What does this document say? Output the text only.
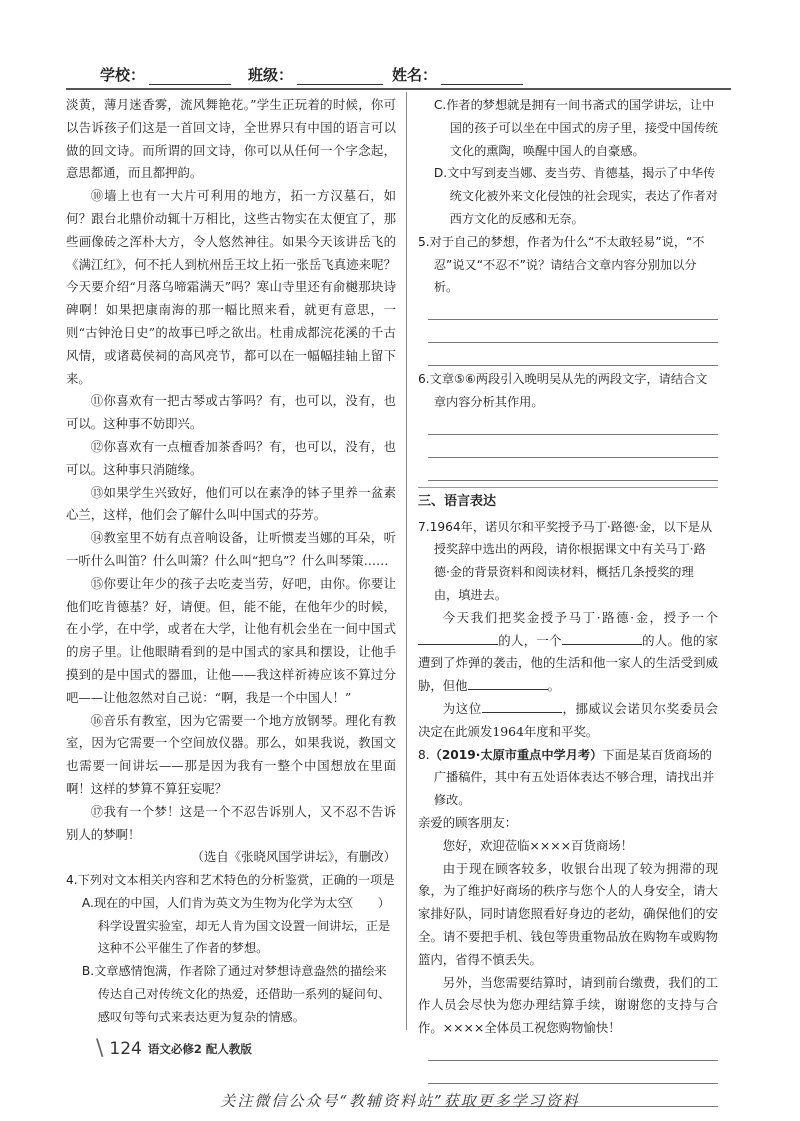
学校：	班级：	姓名：

淡黄，薄月迷香雾，流风舞艳花。”学生正玩着的时候，你可以告诉孩子们这是一首回文诗，全世界只有中国的语言可以做的回文诗。而所谓的回文诗，你可以从任何一个字念起，意思都通，而且都押韵。

⑩墙上也有一大片可利用的地方，拓一方汉墓石，如何？跟台北鼎价动辄十万相比，这些古物实在太便宜了，那些画像砖之浑朴大方，令人悠然神往。如果今天该讲岳飞的《满江红》，何不托人到杭州岳王坟上拓一张岳飞真迹来呢？今天要介绍“月落乌啼霜满天”吗？寒山寺里还有俞樾那块诗碑啊！如果把康南海的那一幅比照来看，就更有意思，一则“古钟沧日史”的故事已呼之欲出。杜甫成都浣花溪的千古风情，或诸葛侯祠的高风亮节，都可以在一幅幅挂轴上留下来。

⑪你喜欢有一把古琴或古筝吗？有，也可以，没有，也可以。这种事不妨即兴。

⑫你喜欢有一点檀香加茶香吗？有，也可以，没有，也可以。这种事只消随缘。

⑬如果学生兴致好，他们可以在素净的钵子里养一盆素心兰，这样，他们会了解什么叫中国式的芬芳。

⑭教室里不妨有点音响设备，让听惯麦当娜的耳朵，听一听什么叫笛？什么叫箫？什么叫“把乌”？什么叫琴策……

⑮你要让年少的孩子去吃麦当劳，好吧，由你。你要让他们吃肯德基？好，请便。但，能不能，在他年少的时候，在小学，在中学，或者在大学，让他有机会坐在一间中国式的房子里。让他眼睛看到的是中国式的家具和摆设，让他手摸到的是中国式的器皿，让他——我这样祈祷应该不算过分吧——让他忽然对自己说：“啊，我是一个中国人！”

⑯音乐有教室，因为它需要一个地方放钢琴。理化有教室，因为它需要一个空间放仪器。那么，如果我说，教国文也需要一间讲坛——那是因为我有一整个中国想放在里面啊！这样的梦算不算狂妄呢？

⑰我有一个梦！这是一个不忍告诉别人，又不忍不告诉别人的梦啊！

（选自《张晓风国学讲坛》，有删改）

4.下列对文本相关内容和艺术特色的分析鉴赏，正确的一项是
（　　）

A.现在的中国，人们肯为英文为生物为化学为太空科学设置实验室，却无人肯为国文设置一间讲坛，正是这种不公平催生了作者的梦想。

B.文章感情饱满，作者除了通过对梦想诗意盎然的描绘来传达自己对传统文化的热爱，还借助一系列的疑问句、感叹句等句式来表达更为复杂的情感。

C.作者的梦想就是拥有一间书斋式的国学讲坛，让中国的孩子可以坐在中国式的房子里，接受中国传统文化的熏陶，唤醒中国人的自豪感。

D.文中写到麦当娜、麦当劳、肯德基，揭示了中华传统文化被外来文化侵蚀的社会现实，表达了作者对西方文化的反感和无奈。

5.对于自己的梦想，作者为什么“不太敢轻易”说，“不忍”说又“不忍不”说？请结合文章内容分别加以分析。

6.文章⑤⑥两段引入晚明吴从先的两段文字，请结合文章内容分析其作用。

三、语言表达

7.1964年，诺贝尔和平奖授予马丁·路德·金，以下是从授奖辞中选出的两段，请你根据课文中有关马丁·路德·金的背景资料和阅读材料，概括几条授奖的理由，填进去。

今天我们把奖金授予马丁·路德·金，授予一个的人，一个	的人。他的家遭到了炸弹的袭击，他的生活和他一家人的生活受到威胁，但他	。

为这位	，挪威议会诺贝尔奖委员会决定在此颁发1964年度和平奖。

8.（2019·太原市重点中学月考）下面是某百货商场的广播稿件，其中有五处语体表达不够合理，请找出并修改。

亲爱的顾客朋友：

您好，欢迎莅临××××百货商场！

由于现在顾客较多，收银台出现了较为拥滞的现象，为了维护好商场的秩序与您个人的人身安全，请大家排好队，同时请您照看好身边的老幼，确保他们的安全。请不要把手机、钱包等贵重物品放在购物车或购物篮内，省得不慎丢失。

另外，当您需要结算时，请到前台缴费，我们的工作人员会尽快为您办理结算手续，谢谢您的支持与合作。××××全体员工祝您购物愉快！

\ 124 语文必修2 配人教版
关注微信公众号“教辅资料站”获取更多学习资料
